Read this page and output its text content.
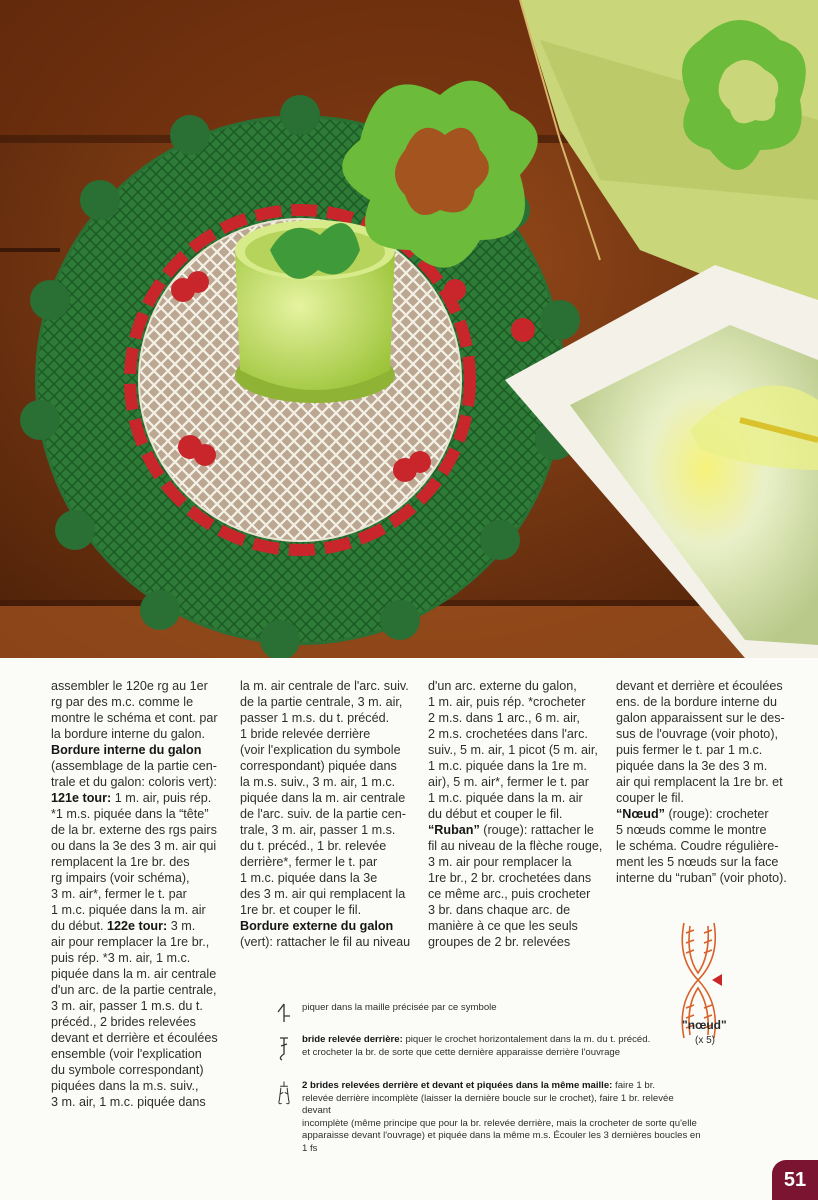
assembler le 120e rg au 1er
rg par des m.c. comme le
montre le schéma et cont. par
la bordure interne du galon.
Bordure interne du galon
(assemblage de la partie cen-
trale et du galon: coloris vert):
121e tour: 1 m. air, puis rép.
*1 m.s. piquée dans la “tête”
de la br. externe des rgs pairs
ou dans la 3e des 3 m. air qui
remplacent la 1re br. des
rg impairs (voir schéma),
3 m. air*, fermer le t. par
1 m.c. piquée dans la m. air
du début. 122e tour: 3 m.
air pour remplacer la 1re br.,
puis rép. *3 m. air, 1 m.c.
piquée dans la m. air centrale
d'un arc. de la partie centrale,
3 m. air, passer 1 m.s. du t.
précéd., 2 brides relevées
devant et derrière et écoulées
ensemble (voir l'explication
du symbole correspondant)
piquées dans la m.s. suiv.,
3 m. air, 1 m.c. piquée dans

la m. air centrale de l'arc. suiv.
de la partie centrale, 3 m. air,
passer 1 m.s. du t. précéd.
1 bride relevée derrière
(voir l'explication du symbole
correspondant) piquée dans
la m.s. suiv., 3 m. air, 1 m.c.
piquée dans la m. air centrale
de l'arc. suiv. de la partie cen-
trale, 3 m. air, passer 1 m.s.
du t. précéd., 1 br. relevée
derrière*, fermer le t. par
1 m.c. piquée dans la 3e
des 3 m. air qui remplacent la
1re br. et couper le fil.
Bordure externe du galon
(vert): rattacher le fil au niveau

d'un arc. externe du galon,
1 m. air, puis rép. *crocheter
2 m.s. dans 1 arc., 6 m. air,
2 m.s. crochetées dans l'arc.
suiv., 5 m. air, 1 picot (5 m. air,
1 m.c. piquée dans la 1re m.
air), 5 m. air*, fermer le t. par
1 m.c. piquée dans la m. air
du début et couper le fil.
“Ruban” (rouge): rattacher le
fil au niveau de la flèche rouge,
3 m. air pour remplacer la
1re br., 2 br. crochetées dans
ce même arc., puis crocheter
3 br. dans chaque arc. de
manière à ce que les seuls
groupes de 2 br. relevées

devant et derrière et écoulées
ens. de la bordure interne du
galon apparaissent sur le des-
sus de l'ouvrage (voir photo),
puis fermer le t. par 1 m.c.
piquée dans la 3e des 3 m.
air qui remplacent la 1re br. et
couper le fil.
“Nœud” (rouge): crocheter
5 nœuds comme le montre
le schéma. Coudre régulière-
ment les 5 nœuds sur la face
interne du “ruban” (voir photo).

piquer dans la maille précisée par ce symbole
bride relevée derrière: piquer le crochet horizontalement dans la m. du t. précéd.
et crocheter la br. de sorte que cette dernière apparaisse derrière l'ouvrage
2 brides relevées derrière et devant et piquées dans la même maille: faire 1 br.
relevée derrière incomplète (laisser la dernière boucle sur le crochet), faire 1 br. relevée devant
incomplète (même principe que pour la br. relevée derrière, mais la crocheter de sorte qu'elle
apparaisse devant l'ouvrage) et piquée dans la même m.s. Écouler les 3 dernières boucles en 1 fs
"nœud"
(x 5)
51
